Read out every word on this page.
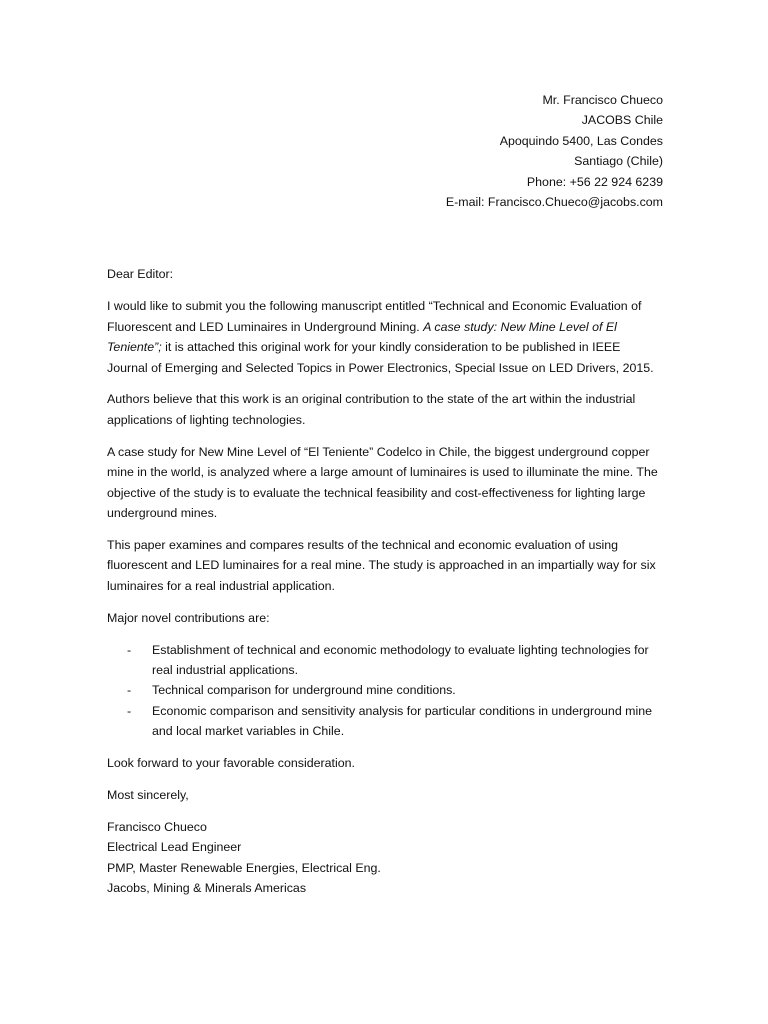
Mr. Francisco Chueco
JACOBS Chile
Apoquindo 5400, Las Condes
Santiago (Chile)
Phone: +56 22 924 6239
E-mail: Francisco.Chueco@jacobs.com
Dear Editor:

I would like to submit you the following manuscript entitled “Technical and Economic Evaluation of Fluorescent and LED Luminaires in Underground Mining. A case study: New Mine Level of El Teniente”; it is attached this original work for your kindly consideration to be published in IEEE Journal of Emerging and Selected Topics in Power Electronics, Special Issue on LED Drivers, 2015.

Authors believe that this work is an original contribution to the state of the art within the industrial applications of lighting technologies.

A case study for New Mine Level of “El Teniente” Codelco in Chile, the biggest underground copper mine in the world, is analyzed where a large amount of luminaires is used to illuminate the mine. The objective of the study is to evaluate the technical feasibility and cost-effectiveness for lighting large underground mines.

This paper examines and compares results of the technical and economic evaluation of using fluorescent and LED luminaires for a real mine. The study is approached in an impartially way for six luminaires for a real industrial application.

Major novel contributions are:

- Establishment of technical and economic methodology to evaluate lighting technologies for real industrial applications.
- Technical comparison for underground mine conditions.
- Economic comparison and sensitivity analysis for particular conditions in underground mine and local market variables in Chile.

Look forward to your favorable consideration.

Most sincerely,

Francisco Chueco
Electrical Lead Engineer
PMP, Master Renewable Energies, Electrical Eng.
Jacobs, Mining & Minerals Americas
